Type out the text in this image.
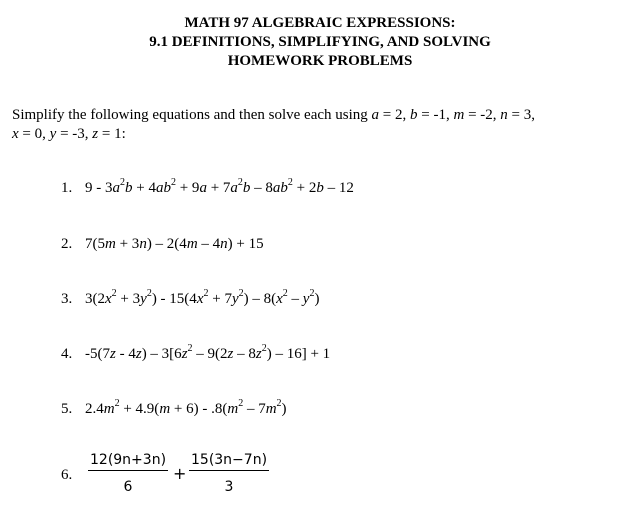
MATH 97 ALGEBRAIC EXPRESSIONS:
9.1 DEFINITIONS, SIMPLIFYING, AND SOLVING
HOMEWORK PROBLEMS
Simplify the following equations and then solve each using a = 2, b = -1, m = -2, n = 3,
x = 0, y = -3, z = 1:
1. $9 - 3a^2b + 4ab^2 + 9a + 7a^2b - 8ab^2 + 2b - 12$
2. 7(5m + 3n) – 2(4m – 4n) + 15
3. $3(2x^2 + 3y^2) - 15(4x^2 + 7y^2) - 8(x^2 - y^2)$
4. $-5(7z - 4z) - 3[6z^2 - 9(2z - 8z^2) - 16] + 1$
5. $2.4m^2 + 4.9(m + 6) - .8(m^2 - 7m^2)$
6. $\frac{12(9n+3n)}{6} + \frac{15(3n-7n)}{3}$
